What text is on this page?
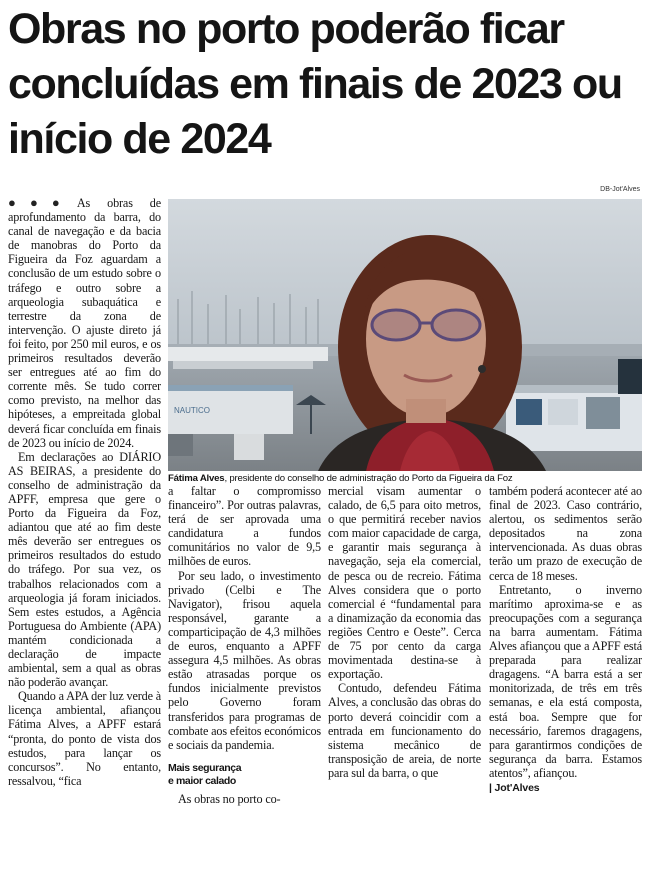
Obras no porto poderão ficar concluídas em finais de 2023 ou início de 2024
DB-Jot'Alves

●●● As obras de aprofundamento da barra, do canal de navegação e da bacia de manobras do Porto da Figueira da Foz aguardam a conclusão de um estudo sobre o tráfego e outro sobre a arqueologia subaquática e terrestre da zona de intervenção. O ajuste direto já foi feito, por 250 mil euros, e os primeiros resultados deverão ser entregues até ao fim do corrente mês. Se tudo correr como previsto, na melhor das hipóteses, a empreitada global deverá ficar concluída em finais de 2023 ou início de 2024.

Em declarações ao DIÁRIO AS BEIRAS, a presidente do conselho de administração da APFF, empresa que gere o Porto da Figueira da Foz, adiantou que até ao fim deste mês deverão ser entregues os primeiros resultados do estudo do tráfego. Por sua vez, os trabalhos relacionados com a arqueologia já foram iniciados. Sem estes estudos, a Agência Portuguesa do Ambiente (APA) mantém condicionada a declaração de impacte ambiental, sem a qual as obras não poderão avançar.

Quando a APA der luz verde à licença ambiental, afiançou Fátima Alves, a APFF estará “pronta, do ponto de vista dos estudos, para lançar os concursos”. No entanto, ressalvou, “fica

NAUTICO
Fátima Alves, presidente do conselho de administração do Porto da Figueira da Foz

a faltar o compromisso financeiro”. Por outras palavras, terá de ser aprovada uma candidatura a fundos comunitários no valor de 9,5 milhões de euros.

Por seu lado, o investimento privado (Celbi e The Navigator), frisou aquela responsável, garante a comparticipação de 4,3 milhões de euros, enquanto a APFF assegura 4,5 milhões. As obras estão atrasadas porque os fundos inicialmente previstos pelo Governo foram transferidos para programas de combate aos efeitos económicos e sociais da pandemia.

Mais segurança
e maior calado

As obras no porto co-

mercial visam aumentar o calado, de 6,5 para oito metros, o que permitirá receber navios com maior capacidade de carga, e garantir mais segurança à navegação, seja ela comercial, de pesca ou de recreio. Fátima Alves considera que o porto comercial é “fundamental para a dinamização da economia das regiões Centro e Oeste”. Cerca de 75 por cento da carga movimentada destina-se à exportação.

Contudo, defendeu Fátima Alves, a conclusão das obras do porto deverá coincidir com a entrada em funcionamento do sistema mecânico de transposição de areia, de norte para sul da barra, o que

também poderá acontecer até ao final de 2023. Caso contrário, alertou, os sedimentos serão depositados na zona intervencionada. As duas obras terão um prazo de execução de cerca de 18 meses.

Entretanto, o inverno marítimo aproxima-se e as preocupações com a segurança na barra aumentam. Fátima Alves afiançou que a APFF está preparada para realizar dragagens. “A barra está a ser monitorizada, de três em três semanas, e ela está composta, está boa. Sempre que for necessário, faremos dragagens, para garantirmos condições de segurança da barra. Estamos atentos”, afiançou.

| Jot'Alves
